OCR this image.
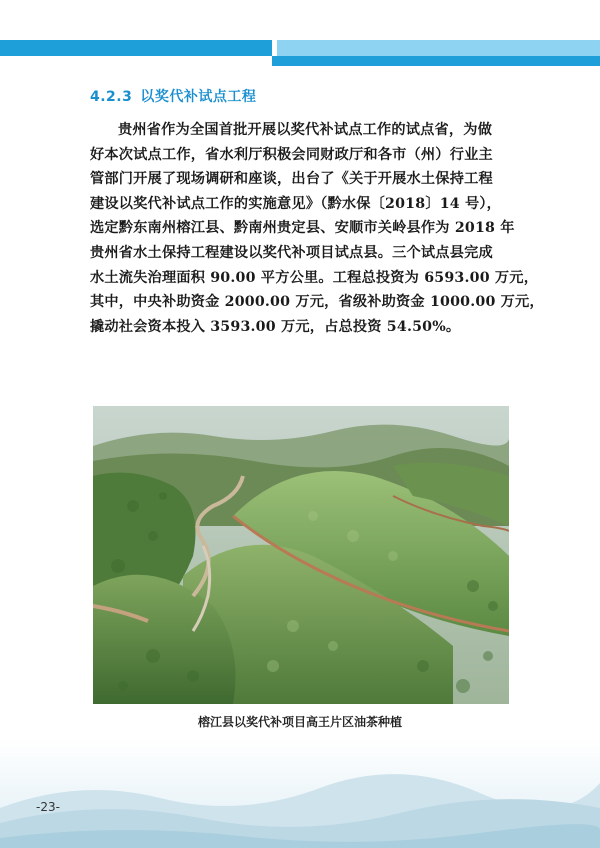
4.2.3 以奖代补试点工程
贵州省作为全国首批开展以奖代补试点工作的试点省，为做
好本次试点工作，省水利厅积极会同财政厅和各市（州）行业主
管部门开展了现场调研和座谈，出台了《关于开展水土保持工程
建设以奖代补试点工作的实施意见》（黔水保〔2018〕14 号），
选定黔东南州榕江县、黔南州贵定县、安顺市关岭县作为 2018 年
贵州省水土保持工程建设以奖代补项目试点县。三个试点县完成
水土流失治理面积 90.00 平方公里。工程总投资为 6593.00 万元，
其中，中央补助资金 2000.00 万元，省级补助资金 1000.00 万元，
撬动社会资本投入 3593.00 万元，占总投资 54.50%。
榕江县以奖代补项目高王片区油茶种植
-23-
